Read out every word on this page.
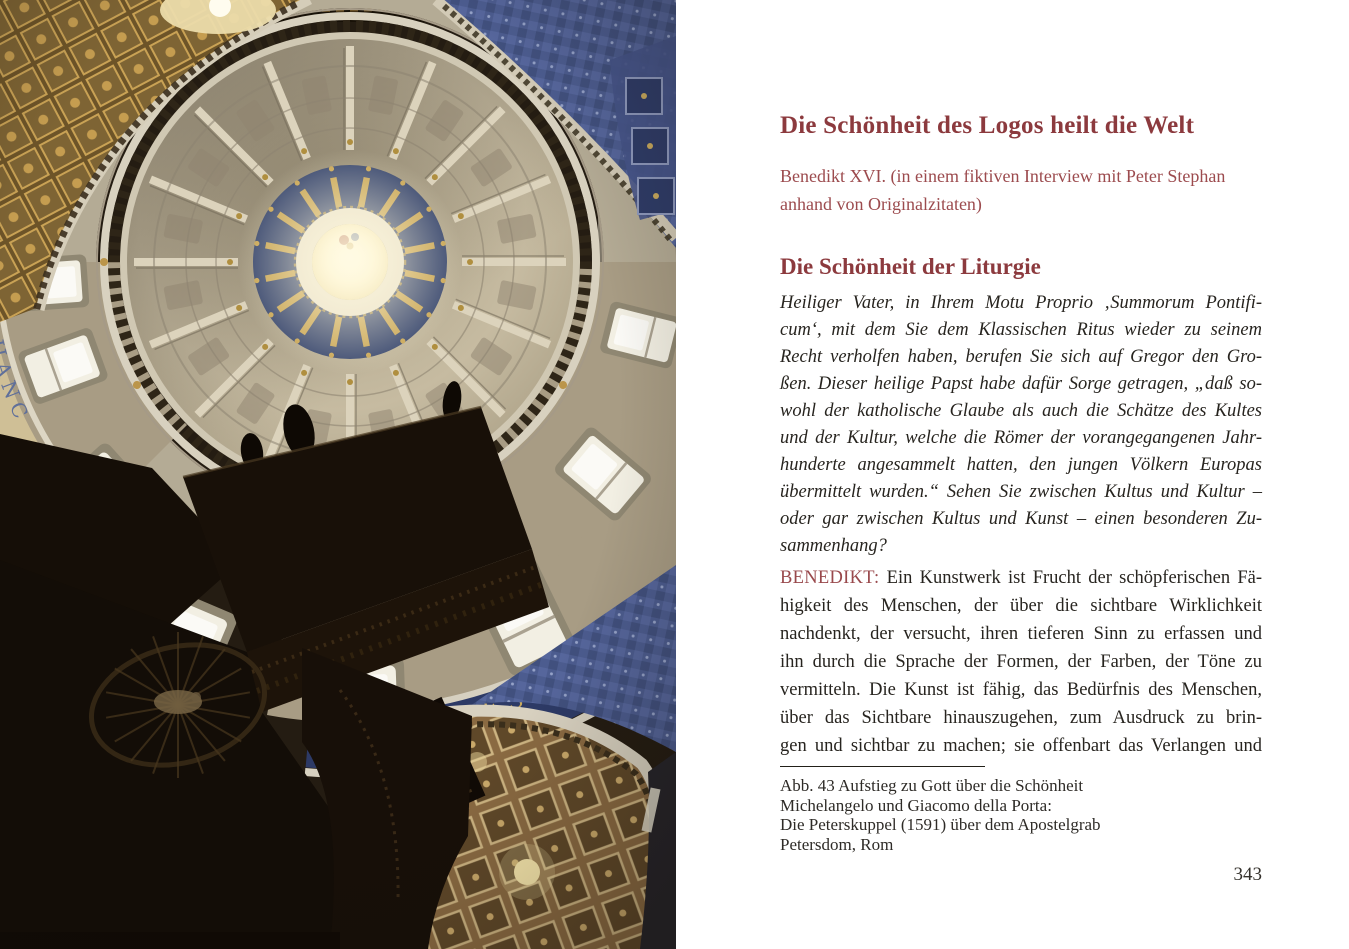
Die Schönheit des Logos heilt die Welt
Benedikt XVI. (in einem fiktiven Interview mit Peter Stephan
anhand von Originalzitaten)
Die Schönheit der Liturgie
Heiliger Vater, in Ihrem Motu Proprio ‚Summorum Pontifi-
cum‘, mit dem Sie dem Klassischen Ritus wieder zu seinem
Recht verholfen haben, berufen Sie sich auf Gregor den Gro-
ßen. Dieser heilige Papst habe dafür Sorge getragen, „daß so-
wohl der katholische Glaube als auch die Schätze des Kultes
und der Kultur, welche die Römer der vorangegangenen Jahr-
hunderte angesammelt hatten, den jungen Völkern Europas
übermittelt wurden.“ Sehen Sie zwischen Kultus und Kultur –
oder gar zwischen Kultus und Kunst – einen besonderen Zu-
sammenhang?
BENEDIKT: Ein Kunstwerk ist Frucht der schöpferischen Fä-
higkeit des Menschen, der über die sichtbare Wirklichkeit
nachdenkt, der versucht, ihren tieferen Sinn zu erfassen und
ihn durch die Sprache der Formen, der Farben, der Töne zu
vermitteln. Die Kunst ist fähig, das Bedürfnis des Menschen,
über das Sichtbare hinauszugehen, zum Ausdruck zu brin-
gen und sichtbar zu machen; sie offenbart das Verlangen und
Abb. 43 Aufstieg zu Gott über die Schönheit
Michelangelo und Giacomo della Porta:
Die Peterskuppel (1591) über dem Apostelgrab
Petersdom, Rom
343
